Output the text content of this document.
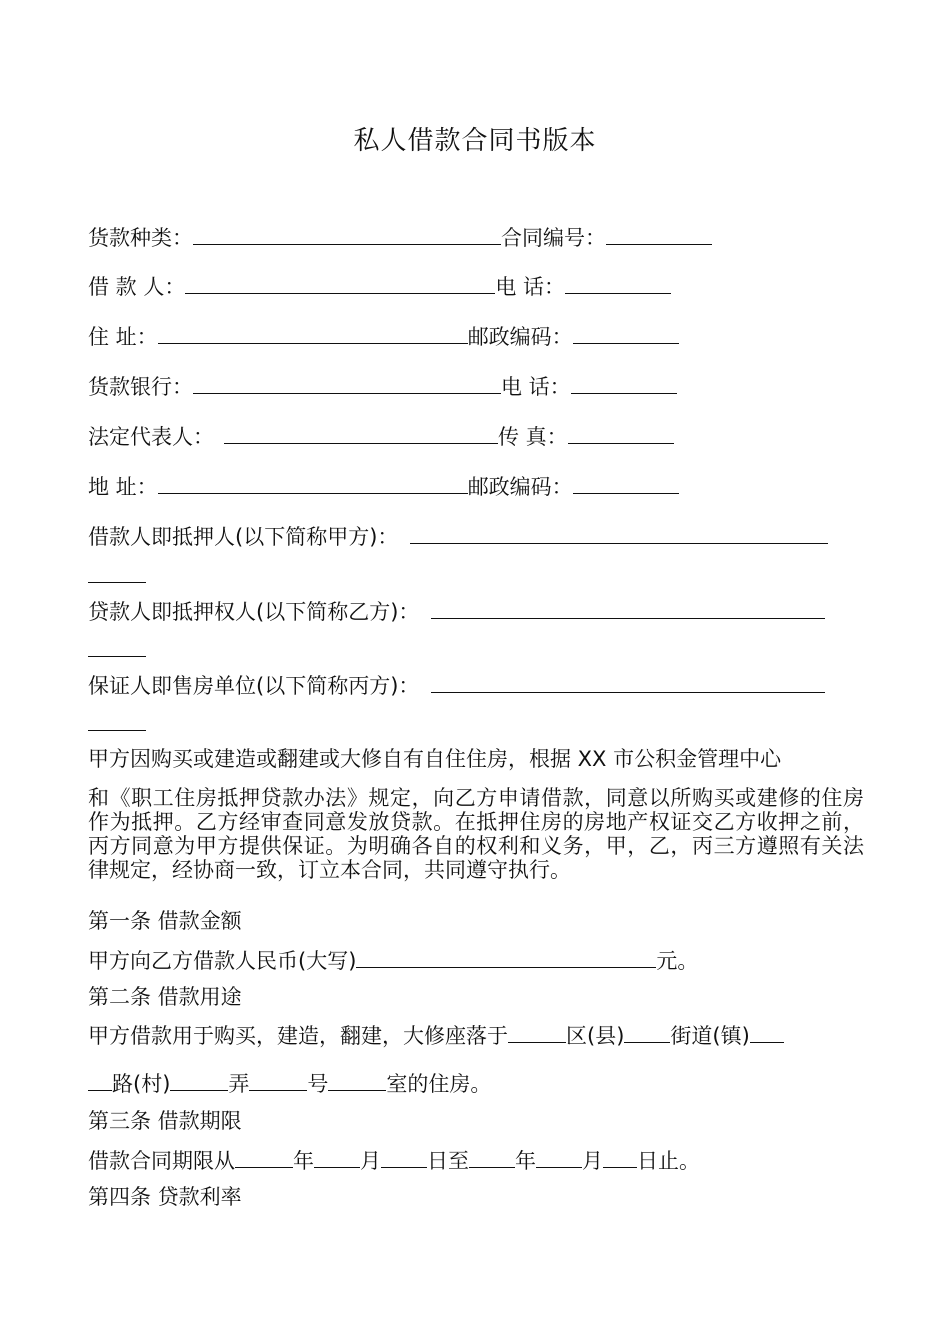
私人借款合同书版本
货款种类：	合同编号：
借 款 人：	电 话：
住 址：	邮政编码：
货款银行：	电 话：
法定代表人：	传 真：
地 址：	邮政编码：
借款人即抵押人(以下简称甲方)：
贷款人即抵押权人(以下简称乙方)：
保证人即售房单位(以下简称丙方)：
甲方因购买或建造或翻建或大修自有自住住房，根据 XX 市公积金管理中心
和《职工住房抵押贷款办法》规定，向乙方申请借款，同意以所购买或建修的住房作为抵押。乙方经审查同意发放贷款。在抵押住房的房地产权证交乙方收押之前，丙方同意为甲方提供保证。为明确各自的权利和义务，甲，乙，丙三方遵照有关法律规定，经协商一致，订立本合同，共同遵守执行。
第一条 借款金额
甲方向乙方借款人民币(大写)	元。
第二条 借款用途
甲方借款用于购买，建造，翻建，大修座落于	区(县) 街道(镇)
路(村)	弄	号	室的住房。
第三条 借款期限
借款合同期限从	年 月 日至 年 月 日止。
第四条 贷款利率
